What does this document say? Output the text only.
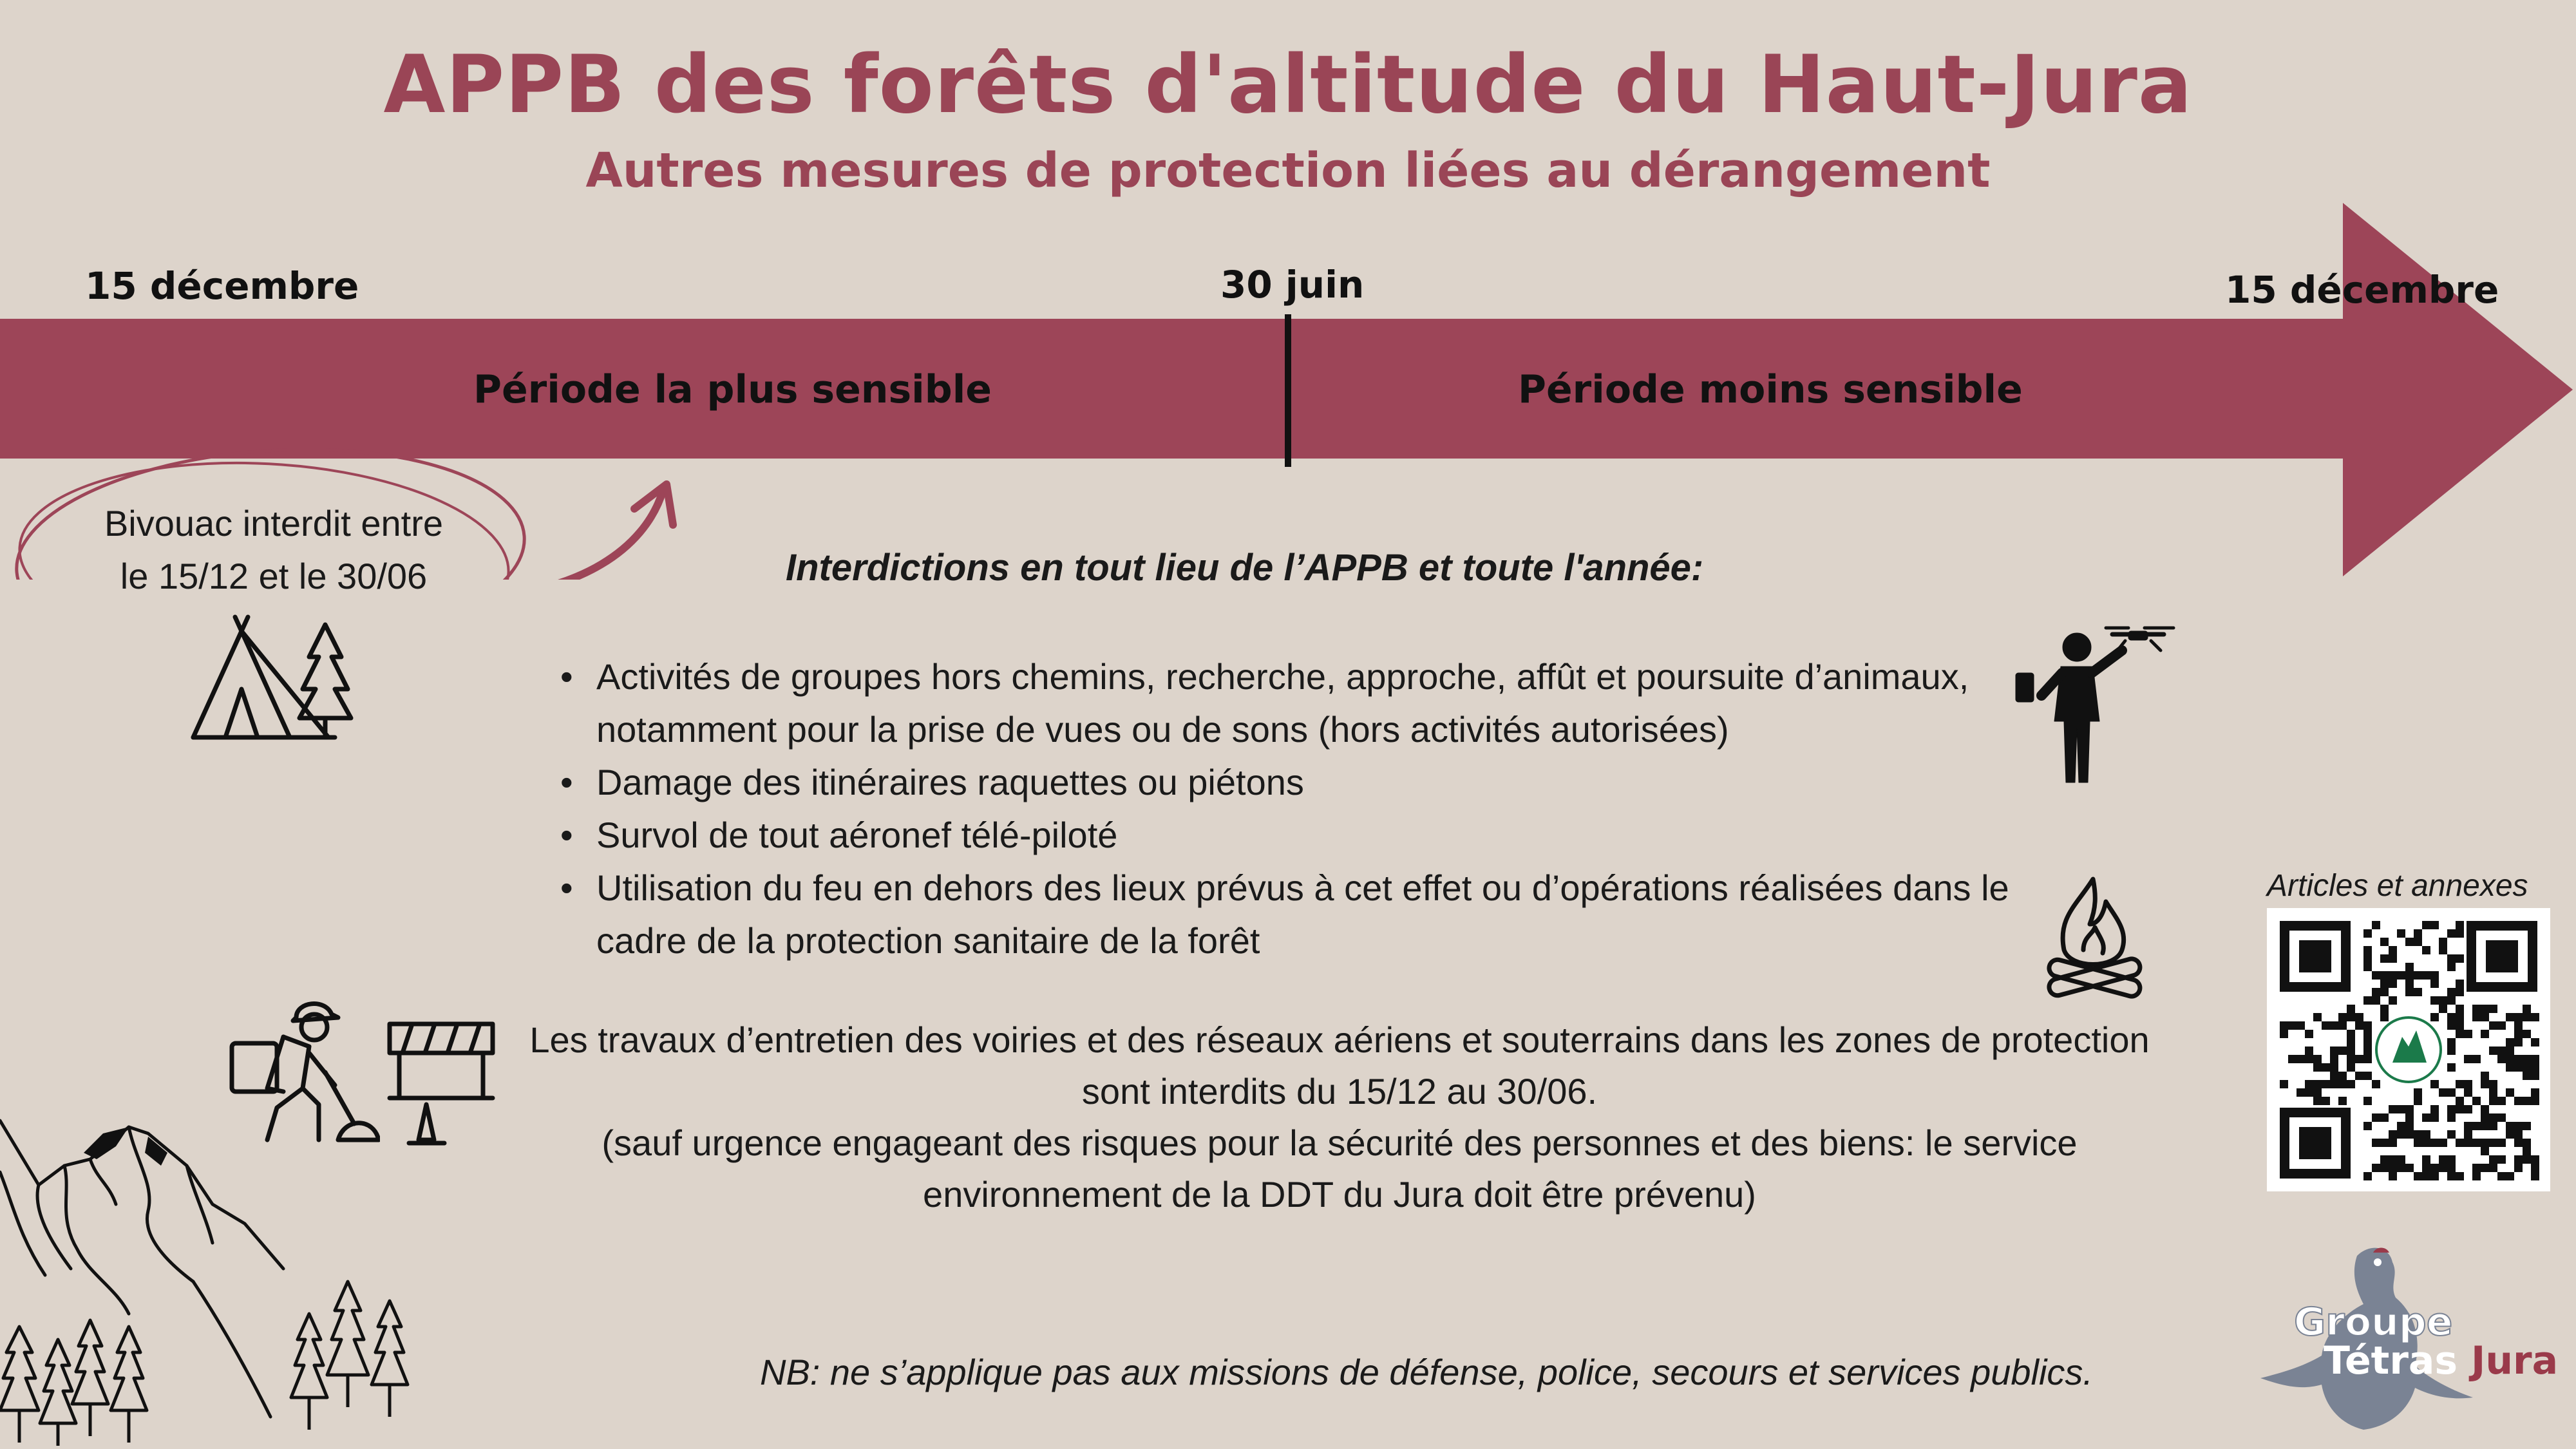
APPB des forêts d'altitude du Haut-Jura
Autres mesures de protection liées au dérangement
15 décembre	30 juin	15 décembre
Période la plus sensible	Période moins sensible
Bivouac interdit entre
le 15/12 et le 30/06	Interdictions en tout lieu de l’APPB et toute l'année:
• Activités de groupes hors chemins, recherche, approche, affût et poursuite d’animaux, notamment pour la prise de vues ou de sons (hors activités autorisées)
• Damage des itinéraires raquettes ou piétons
• Survol de tout aéronef télé-piloté
• Utilisation du feu en dehors des lieux prévus à cet effet ou d’opérations réalisées dans le cadre de la protection sanitaire de la forêt

Les travaux d’entretien des voiries et des réseaux aériens et souterrains dans les zones de protection sont interdits du 15/12 au 30/06.

(sauf urgence engageant des risques pour la sécurité des personnes et des biens: le service environnement de la DDT du Jura doit être prévenu)

NB: ne s’applique pas aux missions de défense, police, secours et services publics.
Articles et annexes
Groupe
Tétras Jura
